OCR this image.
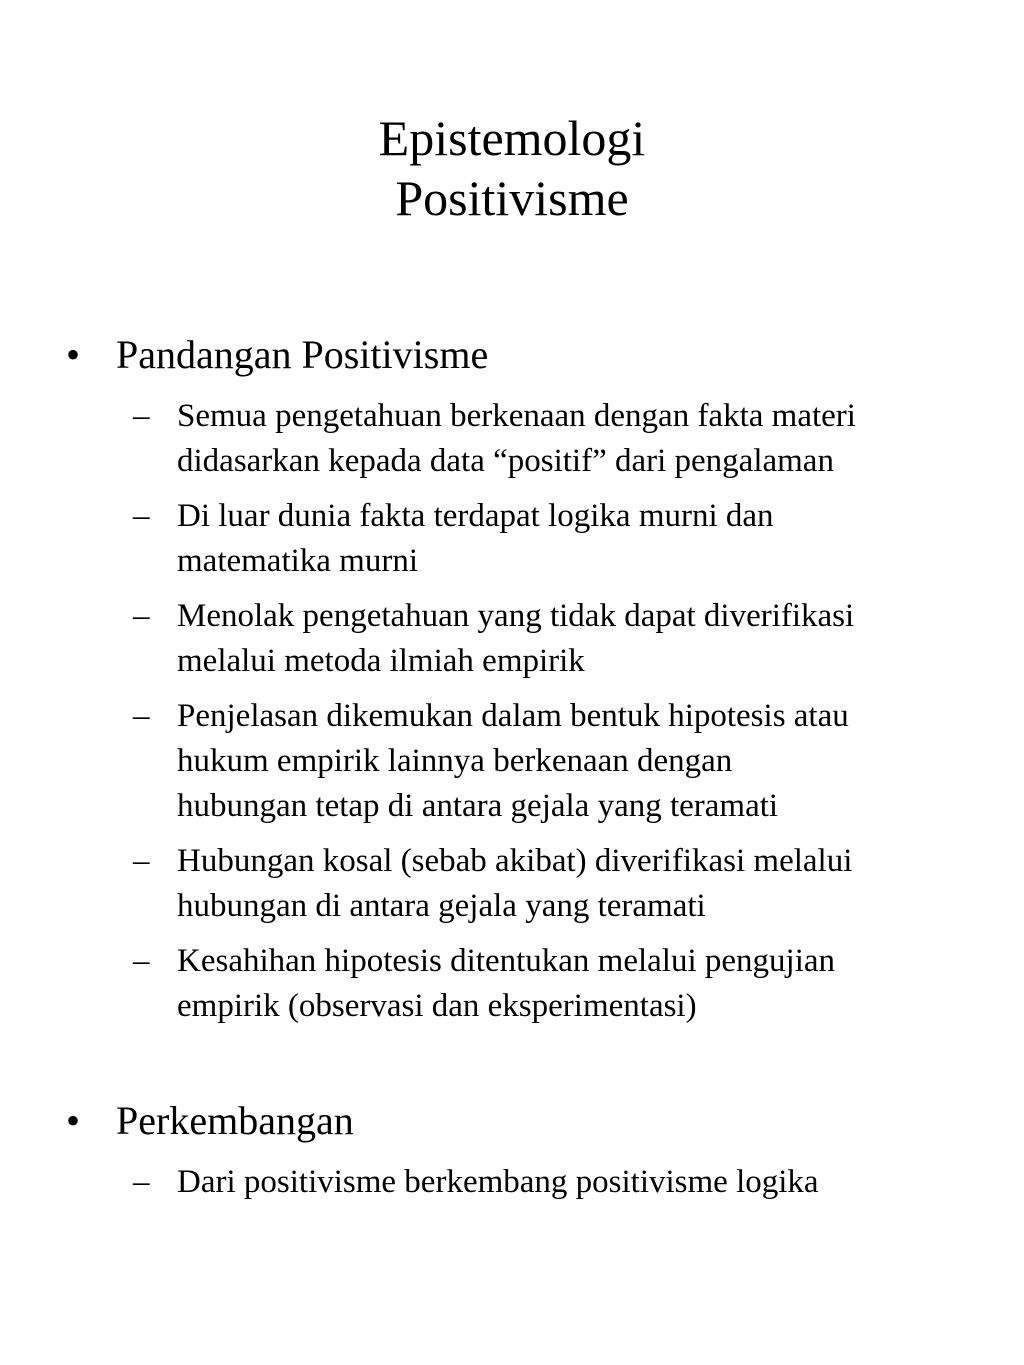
Epistemologi
Positivisme
• Pandangan Positivisme
– Semua pengetahuan berkenaan dengan fakta materi
didasarkan kepada data “positif” dari pengalaman
– Di luar dunia fakta terdapat logika murni dan
matematika murni
– Menolak pengetahuan yang tidak dapat diverifikasi
melalui metoda ilmiah empirik
– Penjelasan dikemukan dalam bentuk hipotesis atau
hukum empirik lainnya berkenaan dengan
hubungan tetap di antara gejala yang teramati
– Hubungan kosal (sebab akibat) diverifikasi melalui
hubungan di antara gejala yang teramati
– Kesahihan hipotesis ditentukan melalui pengujian
empirik (observasi dan eksperimentasi)
• Perkembangan
– Dari positivisme berkembang positivisme logika
